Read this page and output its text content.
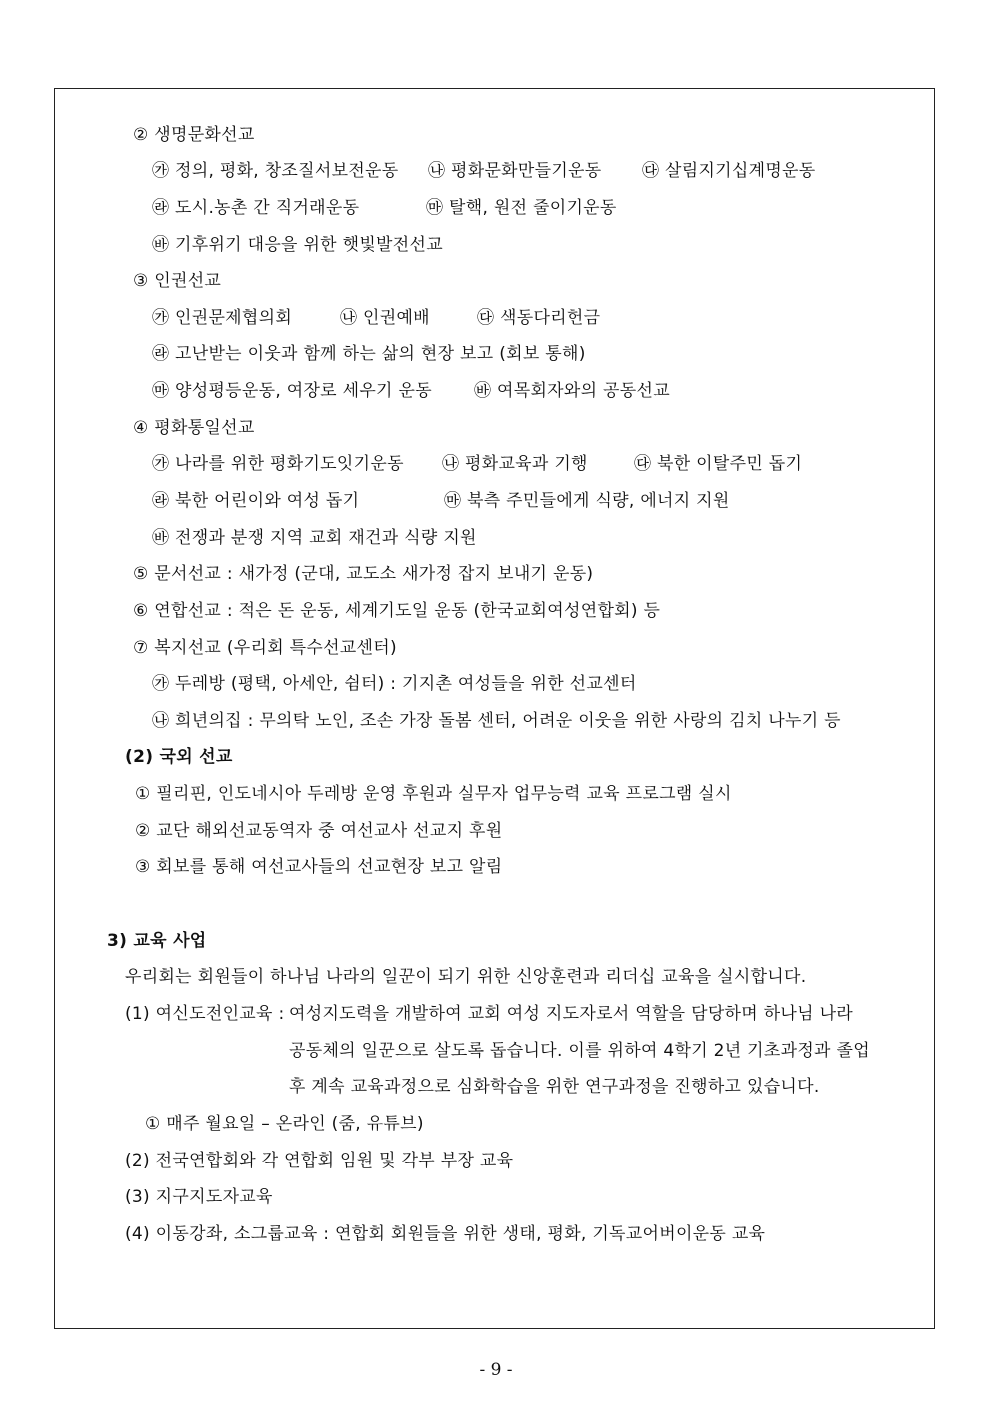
② 생명문화선교
㉮ 정의, 평화, 창조질서보전운동 ㉯ 평화문화만들기운동 ㉰ 살림지기십계명운동
㉱ 도시.농촌 간 직거래운동	㉲ 탈핵, 원전 줄이기운동
㉳ 기후위기 대응을 위한 햇빛발전선교
③ 인권선교
㉮ 인권문제협의회	㉯ 인권예배	㉰ 색동다리헌금
㉱ 고난받는 이웃과 함께 하는 삶의 현장 보고 (회보 통해)
㉲ 양성평등운동, 여장로 세우기 운동 ㉳ 여목회자와의 공동선교
④ 평화통일선교
㉮ 나라를 위한 평화기도잇기운동 ㉯ 평화교육과 기행	㉰ 북한 이탈주민 돕기
㉱ 북한 어린이와 여성 돕기	㉲ 북측 주민들에게 식량, 에너지 지원
㉳ 전쟁과 분쟁 지역 교회 재건과 식량 지원
⑤ 문서선교 : 새가정 (군대, 교도소 새가정 잡지 보내기 운동)
⑥ 연합선교 : 적은 돈 운동, 세계기도일 운동 (한국교회여성연합회) 등
⑦ 복지선교 (우리회 특수선교센터)
㉮ 두레방 (평택, 아세안, 쉼터) : 기지촌 여성들을 위한 선교센터
㉯ 희년의집 : 무의탁 노인, 조손 가장 돌봄 센터, 어려운 이웃을 위한 사랑의 김치 나누기 등
(2) 국외 선교
① 필리핀, 인도네시아 두레방 운영 후원과 실무자 업무능력 교육 프로그램 실시
② 교단 해외선교동역자 중 여선교사 선교지 후원
③ 회보를 통해 여선교사들의 선교현장 보고 알림
3) 교육 사업
우리회는 회원들이 하나님 나라의 일꾼이 되기 위한 신앙훈련과 리더십 교육을 실시합니다.
(1) 여신도전인교육 : 여성지도력을 개발하여 교회 여성 지도자로서 역할을 담당하며 하나님 나라
공동체의 일꾼으로 살도록 돕습니다. 이를 위하여 4학기 2년 기초과정과 졸업
후 계속 교육과정으로 심화학습을 위한 연구과정을 진행하고 있습니다.
① 매주 월요일 – 온라인 (줌, 유튜브)
(2) 전국연합회와 각 연합회 임원 및 각부 부장 교육
(3) 지구지도자교육
(4) 이동강좌, 소그룹교육 : 연합회 회원들을 위한 생태, 평화, 기독교어버이운동 교육
- 9 -
